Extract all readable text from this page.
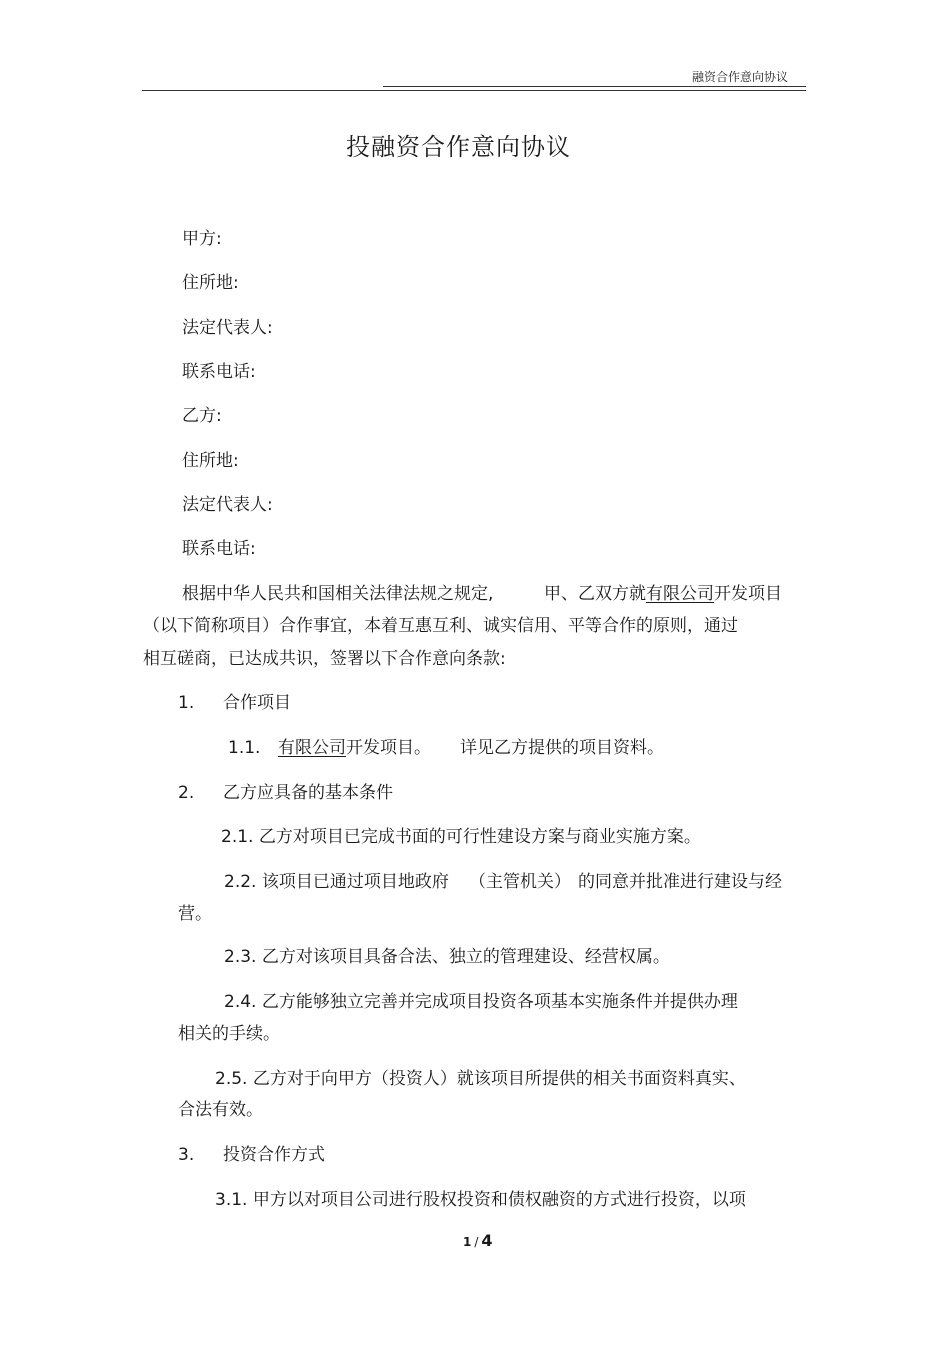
融资合作意向协议
投融资合作意向协议
甲方:
住所地:
法定代表人:
联系电话:
乙方:
住所地:
法定代表人:
联系电话:
根据中华人民共和国相关法律法规之规定,	甲、乙双方就有限公司开发项目
（以下简称项目）合作事宜，本着互惠互利、诚实信用、平等合作的原则，通过
相互磋商，已达成共识，签署以下合作意向条款:
1. 合作项目
1.1. 有限公司开发项目。 详见乙方提供的项目资料。
2. 乙方应具备的基本条件
2.1. 乙方对项目已完成书面的可行性建设方案与商业实施方案。
2.2. 该项目已通过项目地政府 （主管机关） 的同意并批准进行建设与经
营。
2.3. 乙方对该项目具备合法、独立的管理建设、经营权属。
2.4. 乙方能够独立完善并完成项目投资各项基本实施条件并提供办理
相关的手续。
2.5. 乙方对于向甲方（投资人）就该项目所提供的相关书面资料真实、
合法有效。
3. 投资合作方式
3.1. 甲方以对项目公司进行股权投资和债权融资的方式进行投资，以项
1 / 4
